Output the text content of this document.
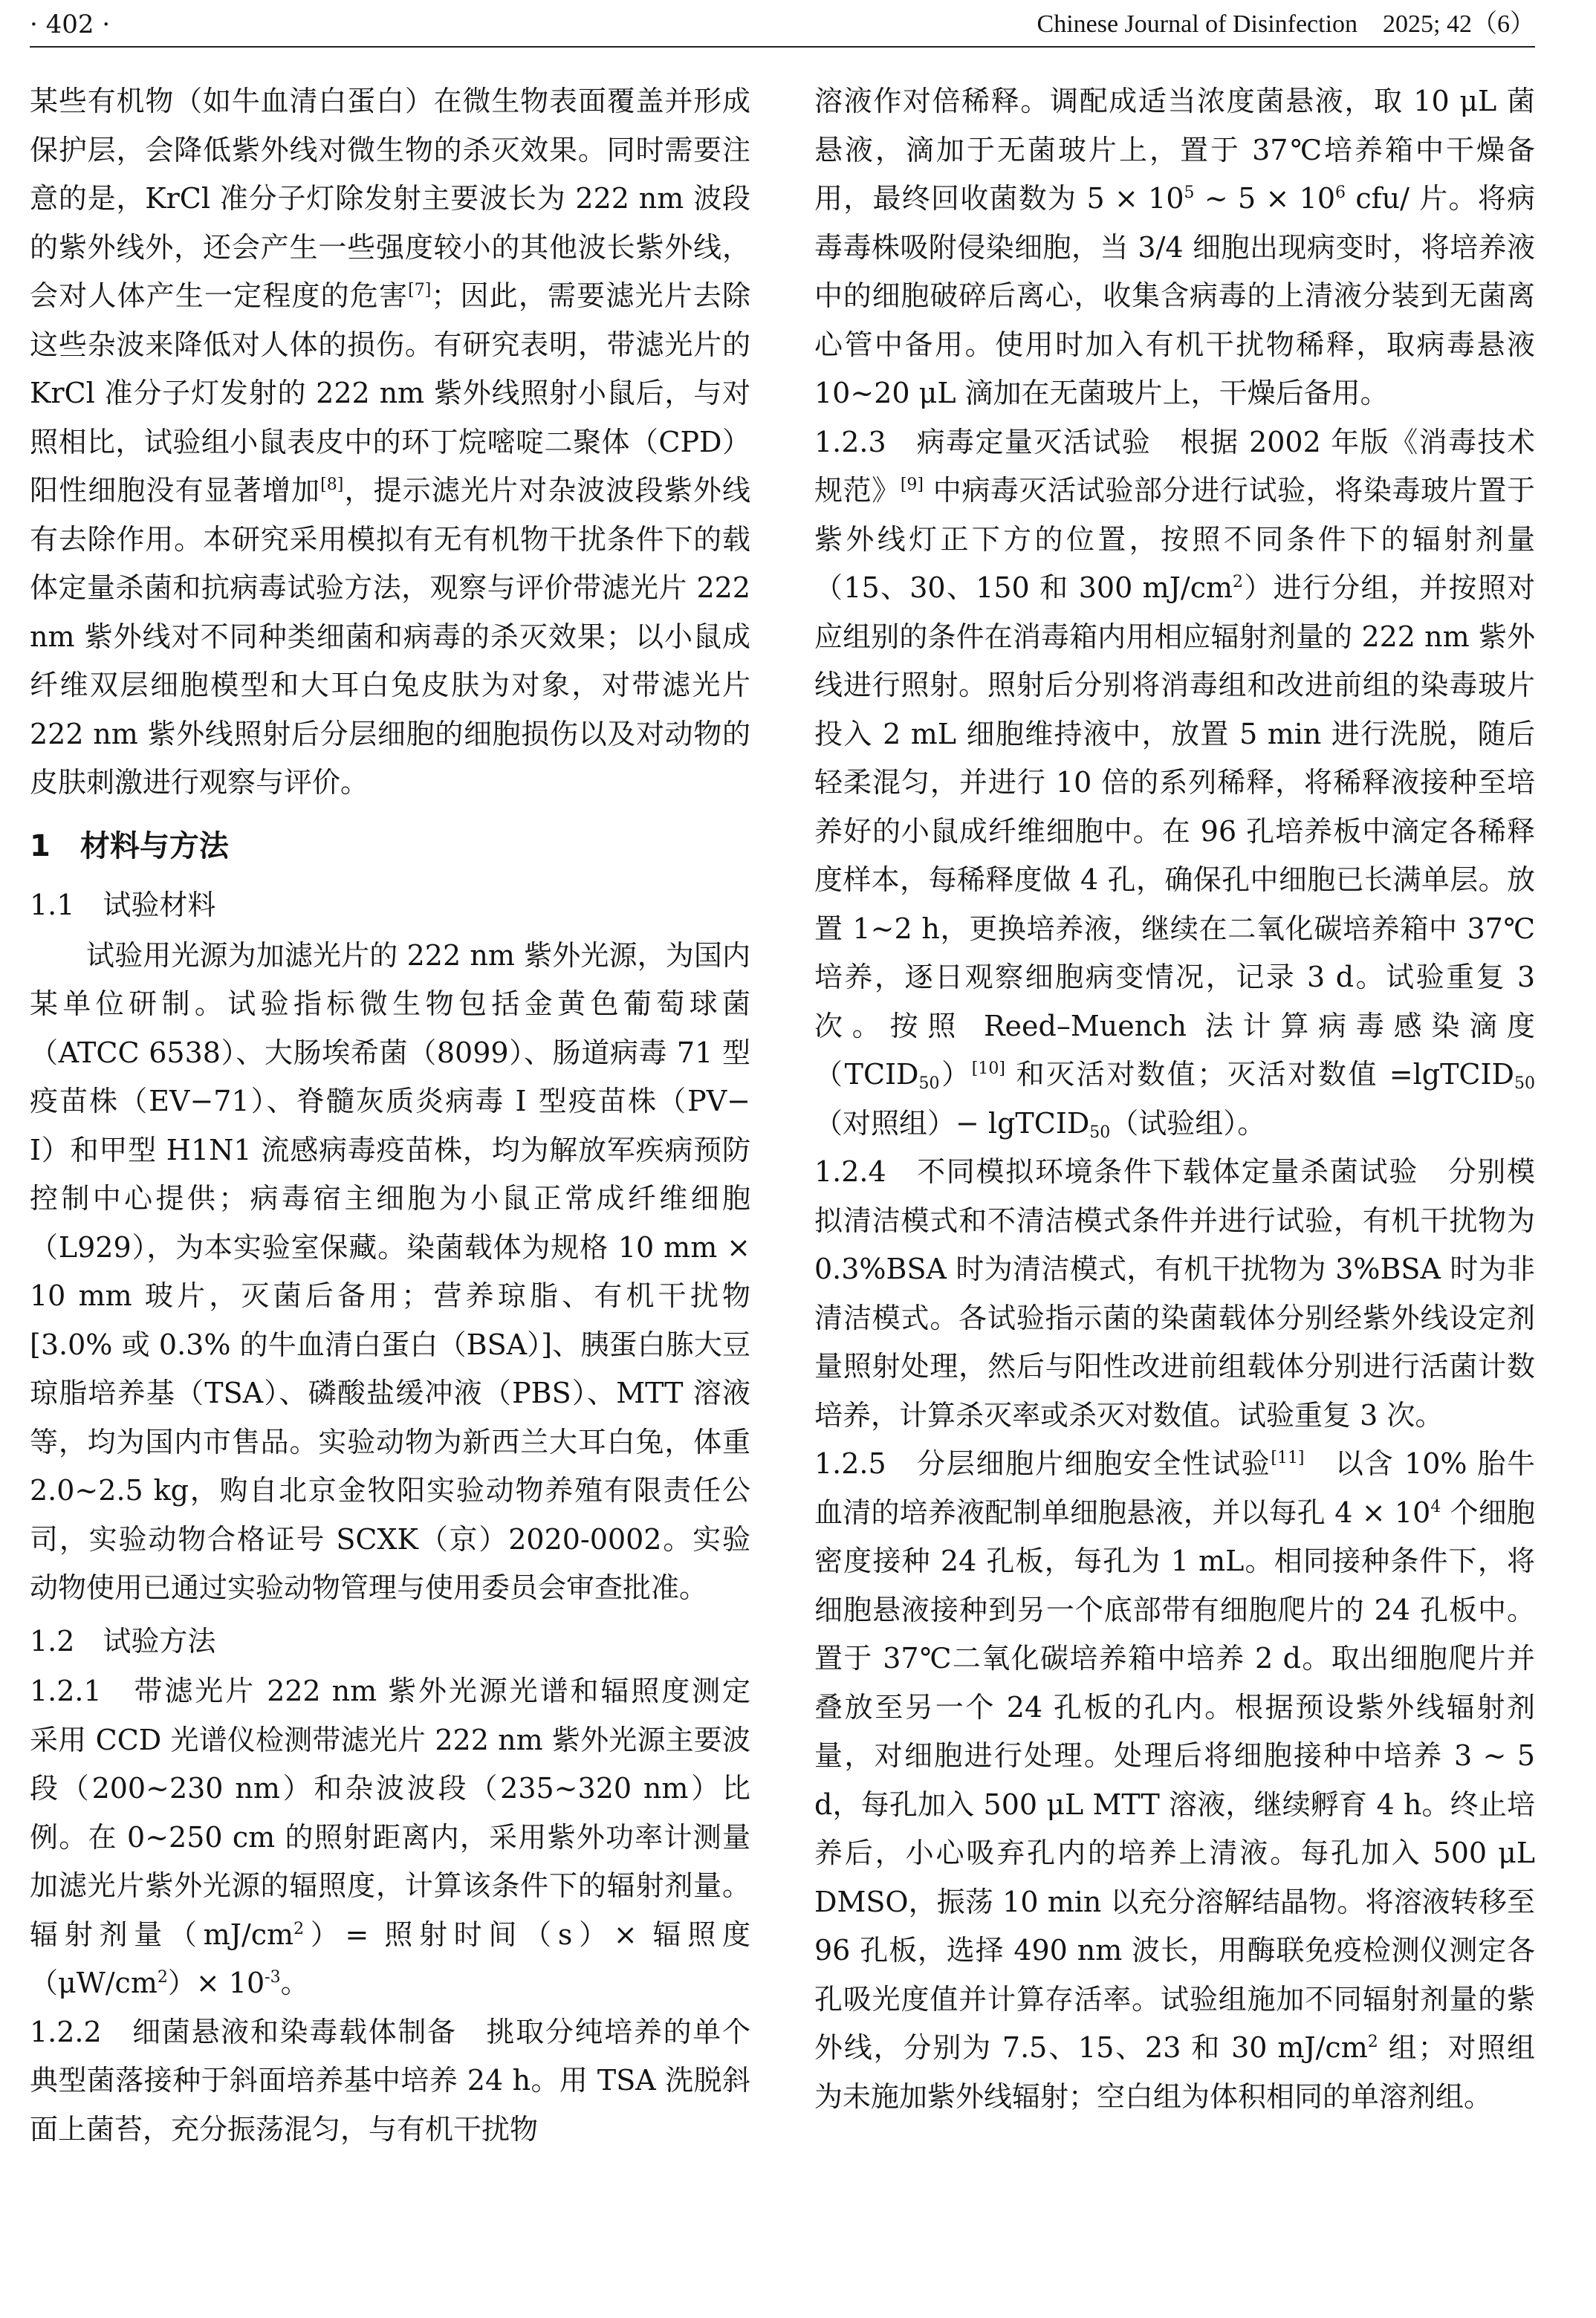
· 402 ·	Chinese Journal of Disinfection　2025; 42（6）

某些有机物（如牛血清白蛋白）在微生物表面覆盖并形成保护层，会降低紫外线对微生物的杀灭效果。同时需要注意的是，KrCl 准分子灯除发射主要波长为 222 nm 波段的紫外线外，还会产生一些强度较小的其他波长紫外线，会对人体产生一定程度的危害[7]；因此，需要滤光片去除这些杂波来降低对人体的损伤。有研究表明，带滤光片的 KrCl 准分子灯发射的 222 nm 紫外线照射小鼠后，与对照相比，试验组小鼠表皮中的环丁烷嘧啶二聚体（CPD）阳性细胞没有显著增加[8]，提示滤光片对杂波波段紫外线有去除作用。本研究采用模拟有无有机物干扰条件下的载体定量杀菌和抗病毒试验方法，观察与评价带滤光片 222 nm 紫外线对不同种类细菌和病毒的杀灭效果；以小鼠成纤维双层细胞模型和大耳白兔皮肤为对象，对带滤光片 222 nm 紫外线照射后分层细胞的细胞损伤以及对动物的皮肤刺激进行观察与评价。

1　材料与方法

1.1　试验材料

试验用光源为加滤光片的 222 nm 紫外光源，为国内某单位研制。试验指标微生物包括金黄色葡萄球菌（ATCC 6538）、大肠埃希菌（8099）、肠道病毒 71 型疫苗株（EV−71）、脊髓灰质炎病毒 Ⅰ 型疫苗株（PV− Ⅰ）和甲型 H1N1 流感病毒疫苗株，均为解放军疾病预防控制中心提供；病毒宿主细胞为小鼠正常成纤维细胞（L929），为本实验室保藏。染菌载体为规格 10 mm × 10 mm 玻片，灭菌后备用；营养琼脂、有机干扰物 [3.0% 或 0.3% 的牛血清白蛋白（BSA）]、胰蛋白胨大豆琼脂培养基（TSA）、磷酸盐缓冲液（PBS）、MTT 溶液等，均为国内市售品。实验动物为新西兰大耳白兔，体重 2.0~2.5 kg，购自北京金牧阳实验动物养殖有限责任公司，实验动物合格证号 SCXK（京）2020-0002。实验动物使用已通过实验动物管理与使用委员会审查批准。

1.2　试验方法

1.2.1　带滤光片 222 nm 紫外光源光谱和辐照度测定　采用 CCD 光谱仪检测带滤光片 222 nm 紫外光源主要波段（200~230 nm）和杂波波段（235~320 nm）比例。在 0~250 cm 的照射距离内，采用紫外功率计测量加滤光片紫外光源的辐照度，计算该条件下的辐射剂量。辐射剂量$(mJ/cm^2)=$ 照射时间（s）× 辐照度$(\mu W/cm^2)\times 10^{-3}$。

1.2.2　细菌悬液和染毒载体制备　挑取分纯培养的单个典型菌落接种于斜面培养基中培养 24 h。用 TSA 洗脱斜面上菌苔，充分振荡混匀，与有机干扰物

溶液作对倍稀释。调配成适当浓度菌悬液，取 10 μL 菌悬液，滴加于无菌玻片上，置于 37℃培养箱中干燥备用，最终回收菌数为 $5 \times 10^5$ ~ $5 \times 10^6$ cfu/ 片。将病毒毒株吸附侵染细胞，当 3/4 细胞出现病变时，将培养液中的细胞破碎后离心，收集含病毒的上清液分装到无菌离心管中备用。使用时加入有机干扰物稀释，取病毒悬液 10~20 μL 滴加在无菌玻片上，干燥后备用。

1.2.3　病毒定量灭活试验　根据 2002 年版《消毒技术规范》[9] 中病毒灭活试验部分进行试验，将染毒玻片置于紫外线灯正下方的位置，按照不同条件下的辐射剂量（15、30、150 和 300 $mJ/cm^2$）进行分组，并按照对应组别的条件在消毒箱内用相应辐射剂量的 222 nm 紫外线进行照射。照射后分别将消毒组和改进前组的染毒玻片投入 2 mL 细胞维持液中，放置 5 min 进行洗脱，随后轻柔混匀，并进行 10 倍的系列稀释，将稀释液接种至培养好的小鼠成纤维细胞中。在 96 孔培养板中滴定各稀释度样本，每稀释度做 4 孔，确保孔中细胞已长满单层。放置 1~2 h，更换培养液，继续在二氧化碳培养箱中 37℃培养，逐日观察细胞病变情况，记录 3 d。试验重复 3 次。按照 Reed–Muench 法计算病毒感染滴度$(TCID_{50})[10]$ 和灭活对数值；灭活对数值 =lgTCID$_{50}$（对照组）− lgTCID$_{50}$（试验组）。

1.2.4　不同模拟环境条件下载体定量杀菌试验　分别模拟清洁模式和不清洁模式条件并进行试验，有机干扰物为 0.3%BSA 时为清洁模式，有机干扰物为 3%BSA 时为非清洁模式。各试验指示菌的染菌载体分别经紫外线设定剂量照射处理，然后与阳性改进前组载体分别进行活菌计数培养，计算杀灭率或杀灭对数值。试验重复 3 次。

1.2.5　分层细胞片细胞安全性试验[11]　以含 10% 胎牛血清的培养液配制单细胞悬液，并以每孔 $4 \times 10^4$ 个细胞密度接种 24 孔板，每孔为 1 mL。相同接种条件下，将细胞悬液接种到另一个底部带有细胞爬片的 24 孔板中。置于 37℃二氧化碳培养箱中培养 2 d。取出细胞爬片并叠放至另一个 24 孔板的孔内。根据预设紫外线辐射剂量，对细胞进行处理。处理后将细胞接种中培养 3 ~ 5 d，每孔加入 500 μL MTT 溶液，继续孵育 4 h。终止培养后，小心吸弃孔内的培养上清液。每孔加入 500 μL DMSO，振荡 10 min 以充分溶解结晶物。将溶液转移至 96 孔板，选择 490 nm 波长，用酶联免疫检测仪测定各孔吸光度值并计算存活率。试验组施加不同辐射剂量的紫外线，分别为 7.5、15、23 和 30 $mJ/cm^2$ 组；对照组为未施加紫外线辐射；空白组为体积相同的单溶剂组。
